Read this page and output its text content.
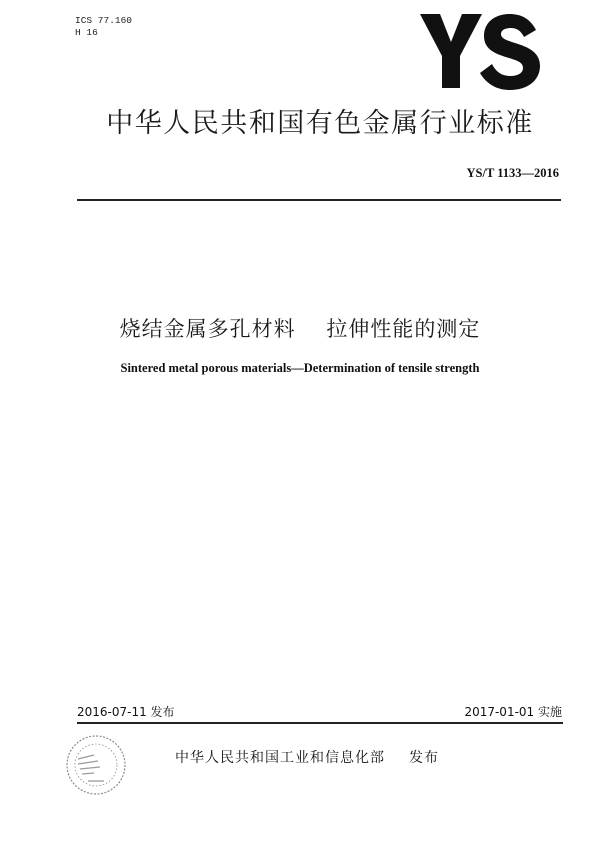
ICS 77.160
H 16
中华人民共和国有色金属行业标准
YS/T 1133—2016
烧结金属多孔材料    拉伸性能的测定
Sintered metal porous materials—Determination of tensile strength
2016-07-11 发布	2017-01-01 实施
中华人民共和国工业和信息化部 发布
